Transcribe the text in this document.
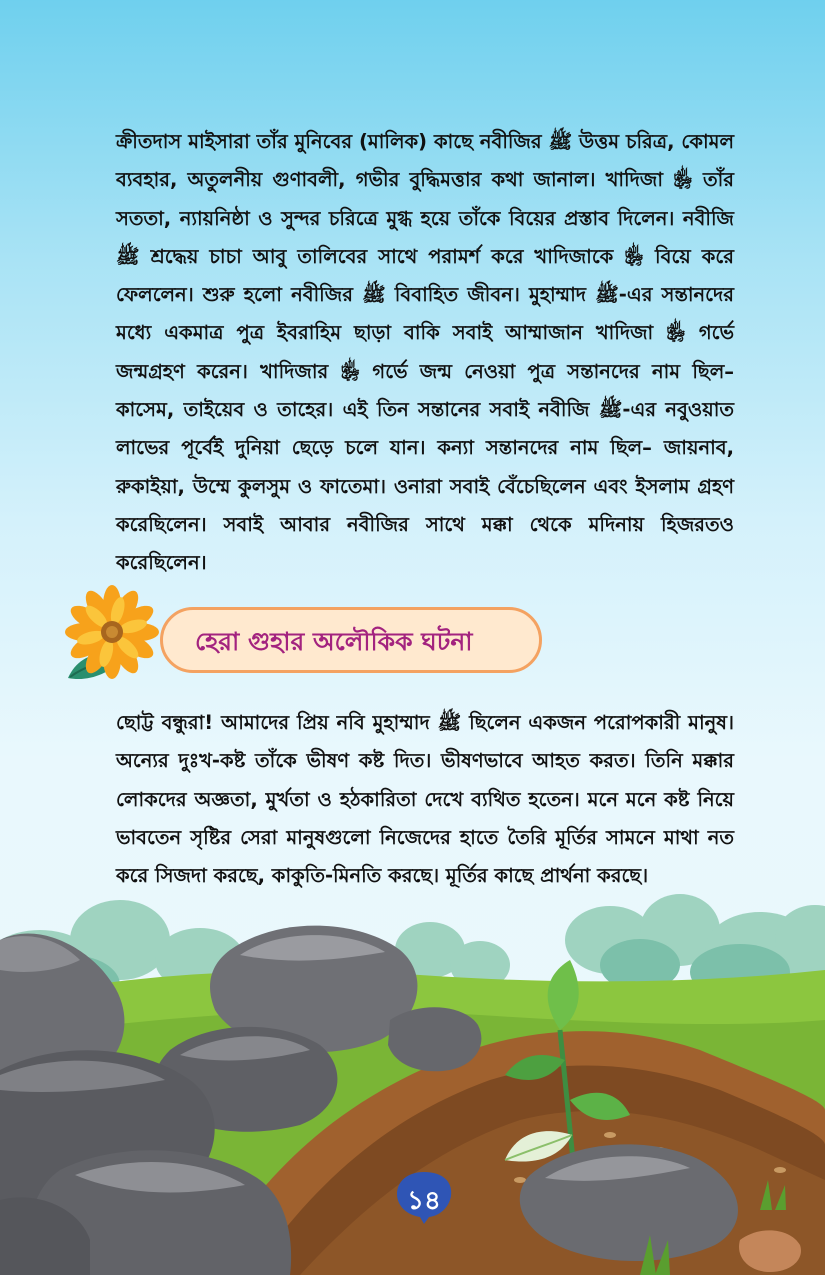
ক্রীতদাস মাইসারা তাঁর মুনিবের (মালিক) কাছে নবীজির ﷺ উত্তম চরিত্র, কোমল ব্যবহার, অতুলনীয় গুণাবলী, গভীর বুদ্ধিমত্তার কথা জানাল। খাদিজা ﵂ তাঁর সততা, ন্যায়নিষ্ঠা ও সুন্দর চরিত্রে মুগ্ধ হয়ে তাঁকে বিয়ের প্রস্তাব দিলেন। নবীজি ﷺ শ্রদ্ধেয় চাচা আবু তালিবের সাথে পরামর্শ করে খাদিজাকে ﵂ বিয়ে করে ফেললেন। শুরু হলো নবীজির ﷺ বিবাহিত জীবন। মুহাম্মাদ ﷺ-এর সন্তানদের মধ্যে একমাত্র পুত্র ইবরাহিম ছাড়া বাকি সবাই আম্মাজান খাদিজা ﵂ গর্ভে জন্মগ্রহণ করেন। খাদিজার ﵂ গর্ভে জন্ম নেওয়া পুত্র সন্তানদের নাম ছিল– কাসেম, তাইয়েব ও তাহের। এই তিন সন্তানের সবাই নবীজি ﷺ-এর নবুওয়াত লাভের পূর্বেই দুনিয়া ছেড়ে চলে যান। কন্যা সন্তানদের নাম ছিল– জায়নাব, রুকাইয়া, উম্মে কুলসুম ও ফাতেমা। ওনারা সবাই বেঁচেছিলেন এবং ইসলাম গ্রহণ করেছিলেন। সবাই আবার নবীজির সাথে মক্কা থেকে মদিনায় হিজরতও করেছিলেন।

হেরা গুহার অলৌকিক ঘটনা

ছোট্ট বন্ধুরা! আমাদের প্রিয় নবি মুহাম্মাদ ﷺ ছিলেন একজন পরোপকারী মানুষ। অন্যের দুঃখ-কষ্ট তাঁকে ভীষণ কষ্ট দিত। ভীষণভাবে আহত করত। তিনি মক্কার লোকদের অজ্ঞতা, মুর্খতা ও হঠকারিতা দেখে ব্যথিত হতেন। মনে মনে কষ্ট নিয়ে ভাবতেন সৃষ্টির সেরা মানুষগুলো নিজেদের হাতে তৈরি মূর্তির সামনে মাথা নত করে সিজদা করছে, কাকুতি-মিনতি করছে। মূর্তির কাছে প্রার্থনা করছে।

১৪
